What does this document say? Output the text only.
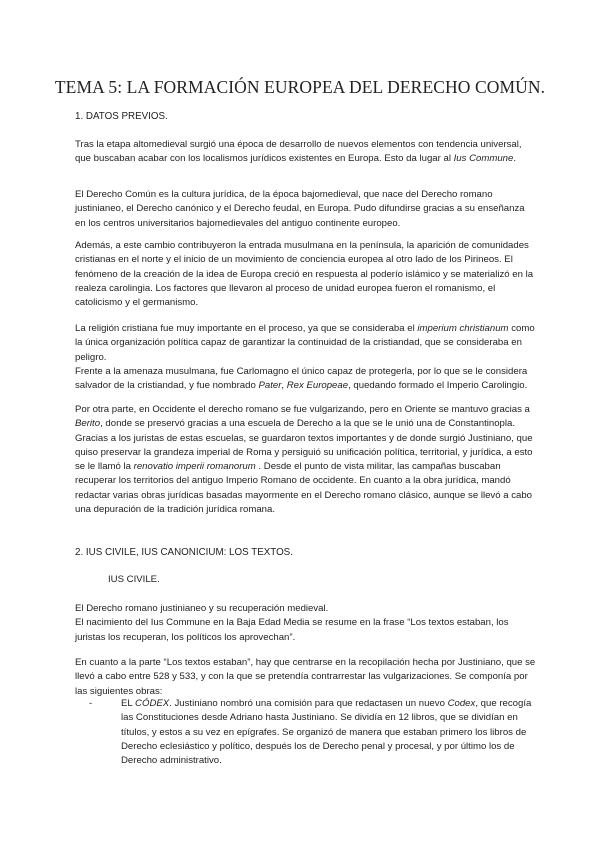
TEMA 5: LA FORMACIÓN EUROPEA DEL DERECHO COMÚN.
1. DATOS PREVIOS.

Tras la etapa altomedieval surgió una época de desarrollo de nuevos elementos con tendencia universal, que buscaban acabar con los localismos jurídicos existentes en Europa. Esto da lugar al Ius Commune.

El Derecho Común es la cultura jurídica, de la época bajomedieval, que nace del Derecho romano justinianeo, el Derecho canónico y el Derecho feudal, en Europa. Pudo difundirse gracias a su enseñanza en los centros universitarios bajomedievales del antiguo continente europeo.

Además, a este cambio contribuyeron la entrada musulmana en la península, la aparición de comunidades cristianas en el norte y el inicio de un movimiento de conciencia europea al otro lado de los Pirineos. El fenómeno de la creación de la idea de Europa creció en respuesta al poderío islámico y se materializó en la realeza carolingia. Los factores que llevaron al proceso de unidad europea fueron el romanismo, el catolicismo y el germanismo.

La religión cristiana fue muy importante en el proceso, ya que se consideraba el imperium christianum como la única organización política capaz de garantizar la continuidad de la cristiandad, que se consideraba en peligro.

Frente a la amenaza musulmana, fue Carlomagno el único capaz de protegerla, por lo que se le considera salvador de la cristiandad, y fue nombrado Pater, Rex Europeae, quedando formado el Imperio Carolingio.

Por otra parte, en Occidente el derecho romano se fue vulgarizando, pero en Oriente se mantuvo gracias a Berito, donde se preservó gracias a una escuela de Derecho a la que se le unió una de Constantinopla. Gracias a los juristas de estas escuelas, se guardaron textos importantes y de donde surgió Justiniano, que quiso preservar la grandeza imperial de Roma y persiguió su unificación política, territorial, y jurídica, a esto se le llamó la renovatio imperii romanorum . Desde el punto de vista militar, las campañas buscaban recuperar los territorios del antiguo Imperio Romano de occidente. En cuanto a la obra jurídica, mandó redactar varias obras jurídicas basadas mayormente en el Derecho romano clásico, aunque se llevó a cabo una depuración de la tradición jurídica romana.

2. IUS CIVILE, IUS CANONICIUM: LOS TEXTOS.
IUS CIVILE.

El Derecho romano justinianeo y su recuperación medieval.

El nacimiento del Ius Commune en la Baja Edad Media se resume en la frase “Los textos estaban, los juristas los recuperan, los políticos los aprovechan”.

En cuanto a la parte “Los textos estaban”, hay que centrarse en la recopilación hecha por Justiniano, que se llevó a cabo entre 528 y 533, y con la que se pretendía contrarrestar las vulgarizaciones. Se componía por las siguientes obras:

-	EL CÓDEX. Justiniano nombró una comisión para que redactasen un nuevo Codex, que recogía las Constituciones desde Adriano hasta Justiniano. Se dividía en 12 libros, que se dividían en títulos, y estos a su vez en epígrafes. Se organizó de manera que estaban primero los libros de Derecho eclesiástico y político, después los de Derecho penal y procesal, y por último los de Derecho administrativo.
